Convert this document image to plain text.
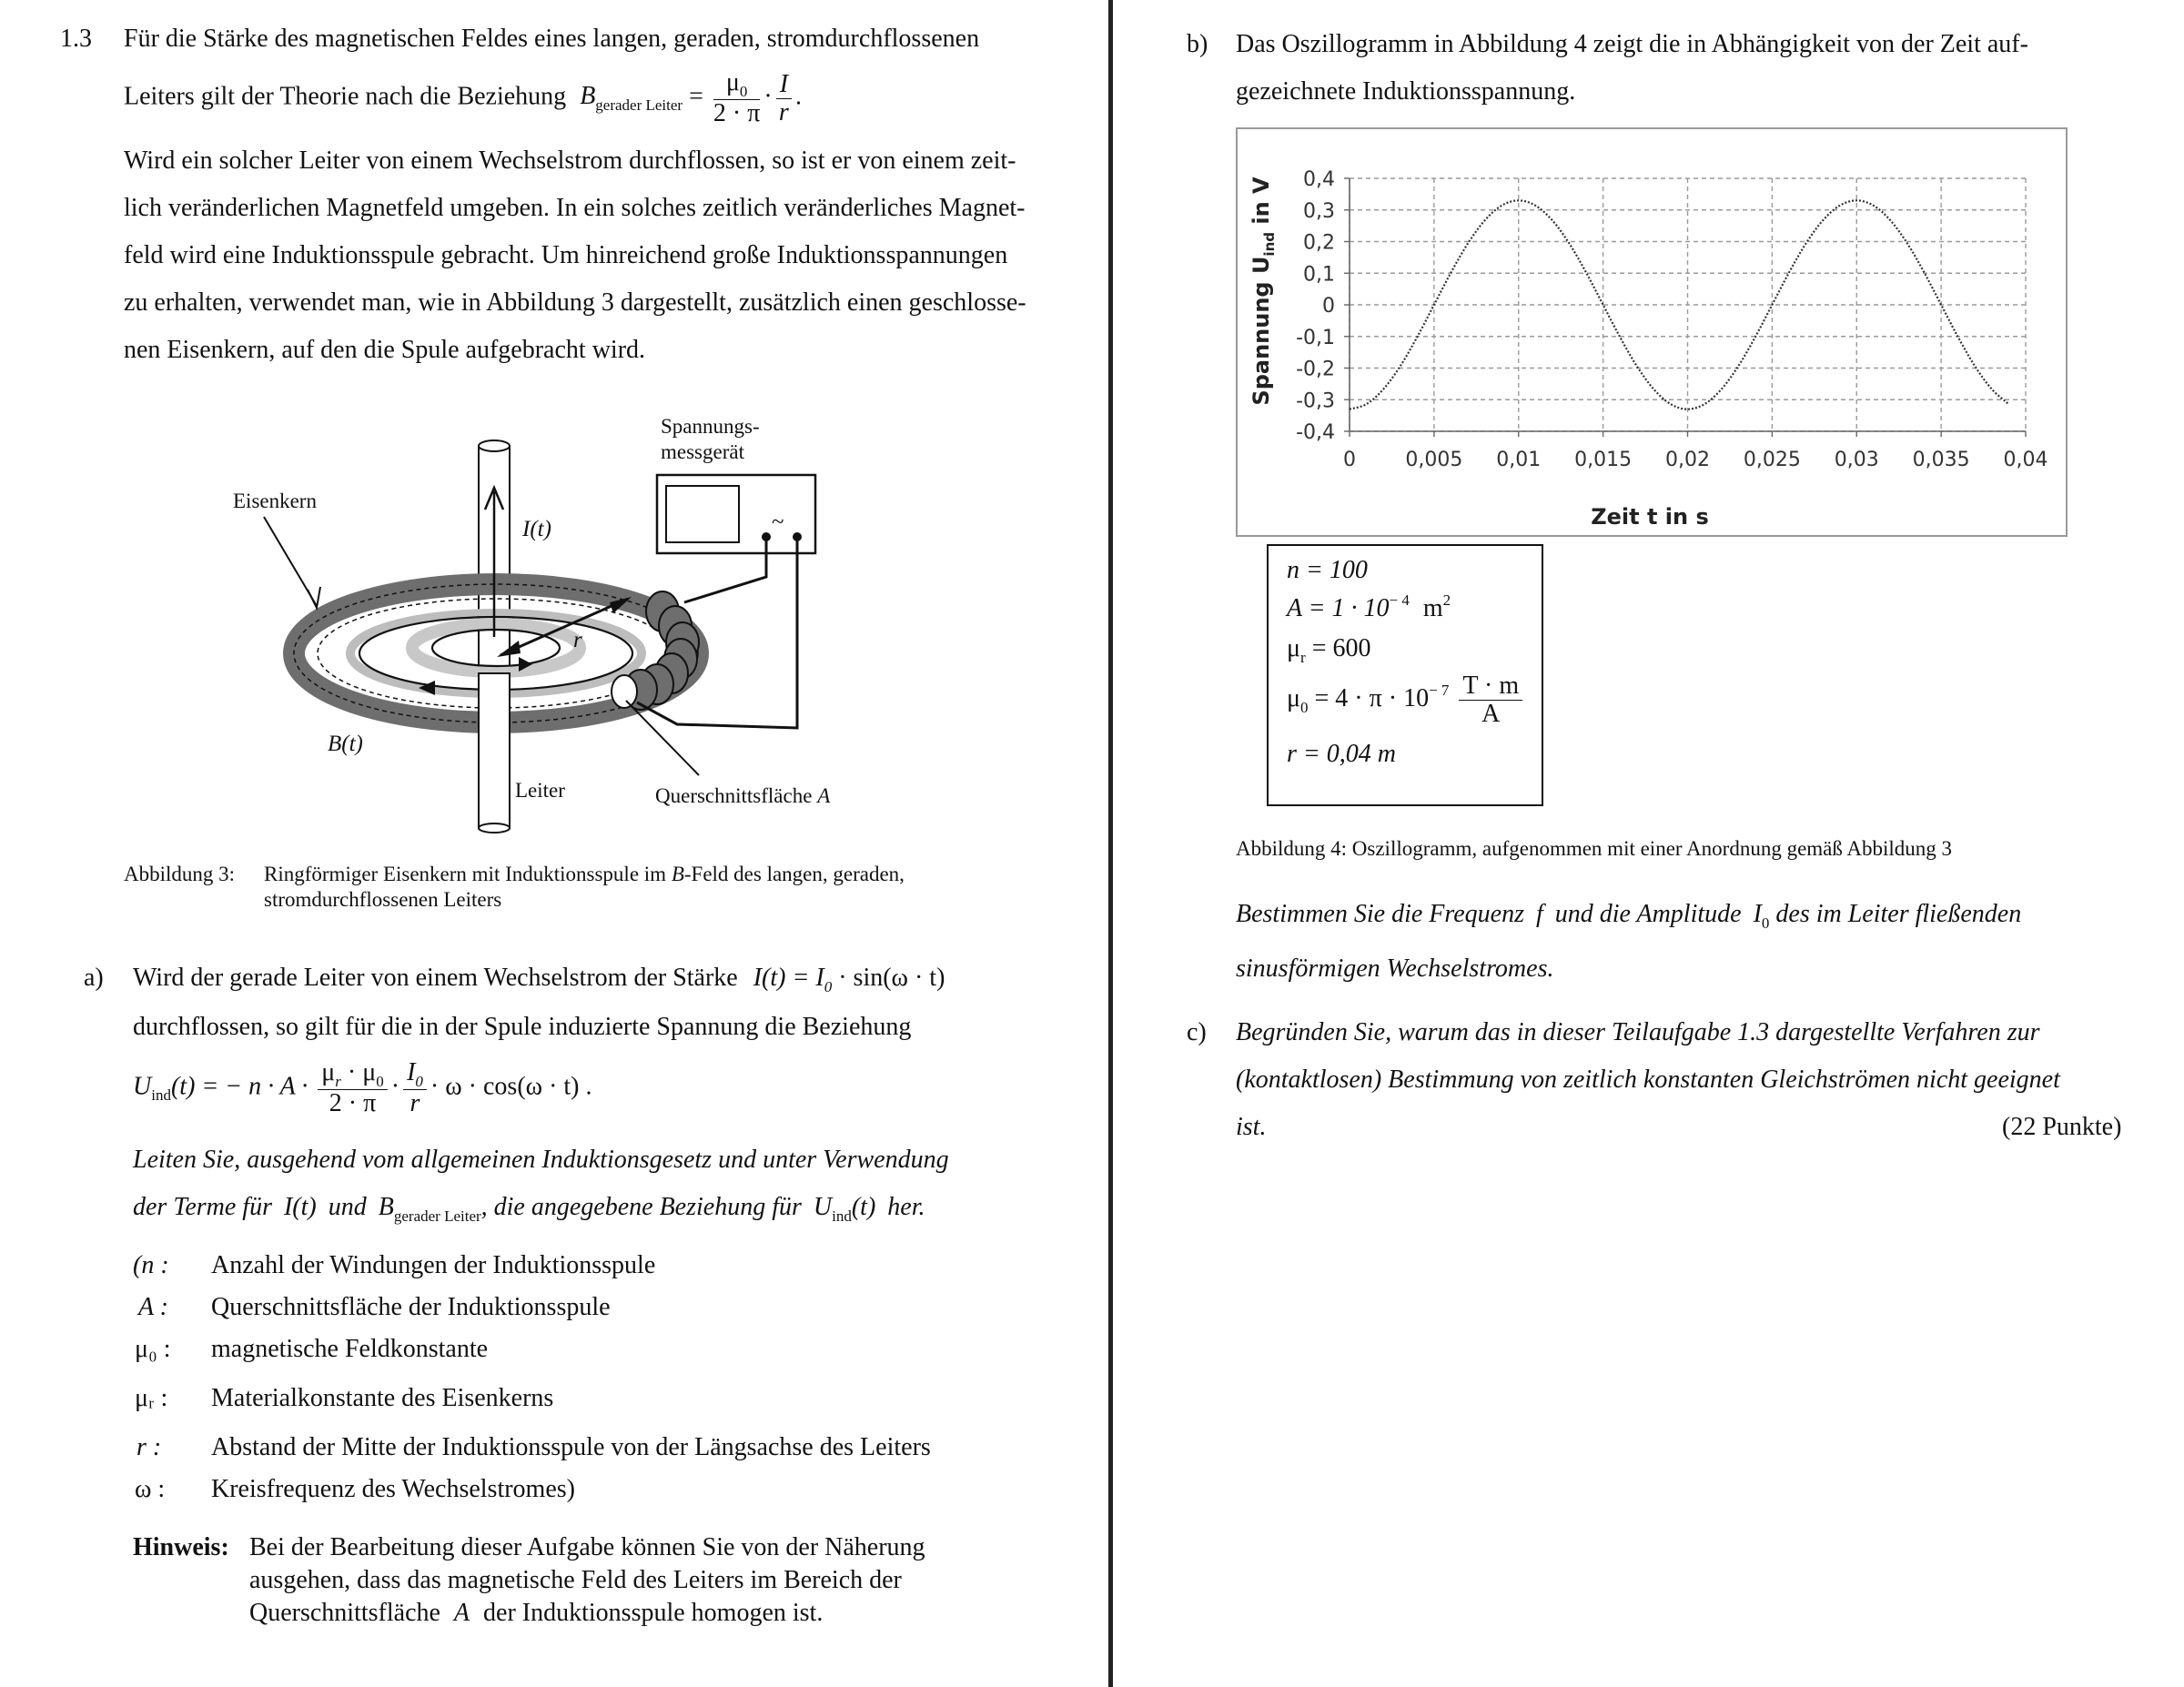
1.3 Für die Stärke des magnetischen Feldes eines langen, geraden, stromdurchflossenen
Leiters gilt der Theorie nach die Beziehung $B_{gerader Leiter} = \frac{\mu_0}{2 \cdot \pi} \cdot \frac{I}{r}$ .
Wird ein solcher Leiter von einem Wechselstrom durchflossen, so ist er von einem zeit-
lich veränderlichen Magnetfeld umgeben. In ein solches zeitlich veränderliches Magnet-
feld wird eine Induktionsspule gebracht. Um hinreichend große Induktionsspannungen
zu erhalten, verwendet man, wie in Abbildung 3 dargestellt, zusätzlich einen geschlosse-
nen Eisenkern, auf den die Spule aufgebracht wird.
Eisenkern
Spannungs-
messgerät
I(t)
r
~
B(t)
Leiter	Querschnittsfläche A
Abbildung 3: Ringförmiger Eisenkern mit Induktionsspule im B-Feld des langen, geraden,
stromdurchflossenen Leiters
a) Wird der gerade Leiter von einem Wechselstrom der Stärke $I(t) = I_0 \cdot \sin(\omega \cdot t)$
durchflossen, so gilt für die in der Spule induzierte Spannung die Beziehung
$U_{ind}(t)$ = − $n \cdot A \cdot \frac{\mu_r \cdot \mu_0}{2 \cdot \pi} \cdot \frac{I_0}{r} \cdot \omega \cdot \cos(\omega \cdot t)$ .
Leiten Sie, ausgehend vom allgemeinen Induktionsgesetz und unter Verwendung
der Terme für I(t) und $B_{gerader Leiter}$, die angegebene Beziehung für $U_{ind}(t)$ her.
(n : Anzahl der Windungen der Induktionsspule
A : Querschnittsfläche der Induktionsspule
μ₀ : magnetische Feldkonstante
μᵣ : Materialkonstante des Eisenkerns
r : Abstand der Mitte der Induktionsspule von der Längsachse des Leiters
ω : Kreisfrequenz des Wechselstromes)
Hinweis: Bei der Bearbeitung dieser Aufgabe können Sie von der Näherung
ausgehen, dass das magnetische Feld des Leiters im Bereich der
Querschnittsfläche A der Induktionsspule homogen ist.
b) Das Oszillogramm in Abbildung 4 zeigt die in Abhängigkeit von der Zeit auf-
gezeichnete Induktionsspannung.
0 0,005 0,01 0,015 0,02 0,025 0,03 0,035 0,04
0,4
0,3
0,2
0,1
0
-0,1
-0,2
-0,3
-0,4
Zeit t in s
Spannung $U_{ind}$ in V
n = 100
$A = 1 \cdot 10^{- 4}$ $m^2$
$\mu_r = 600$
$\mu_0 = 4 \cdot \pi \cdot 10^{- 7} \frac{T \cdot m}{A}$
r = 0,04 m
Abbildung 4: Oszillogramm, aufgenommen mit einer Anordnung gemäß Abbildung 3
Bestimmen Sie die Frequenz f und die Amplitude $I_0$ des im Leiter fließenden
sinusförmigen Wechselstromes.
c) Begründen Sie, warum das in dieser Teilaufgabe 1.3 dargestellte Verfahren zur
(kontaktlosen) Bestimmung von zeitlich konstanten Gleichströmen nicht geeignet
ist.	(22 Punkte)
